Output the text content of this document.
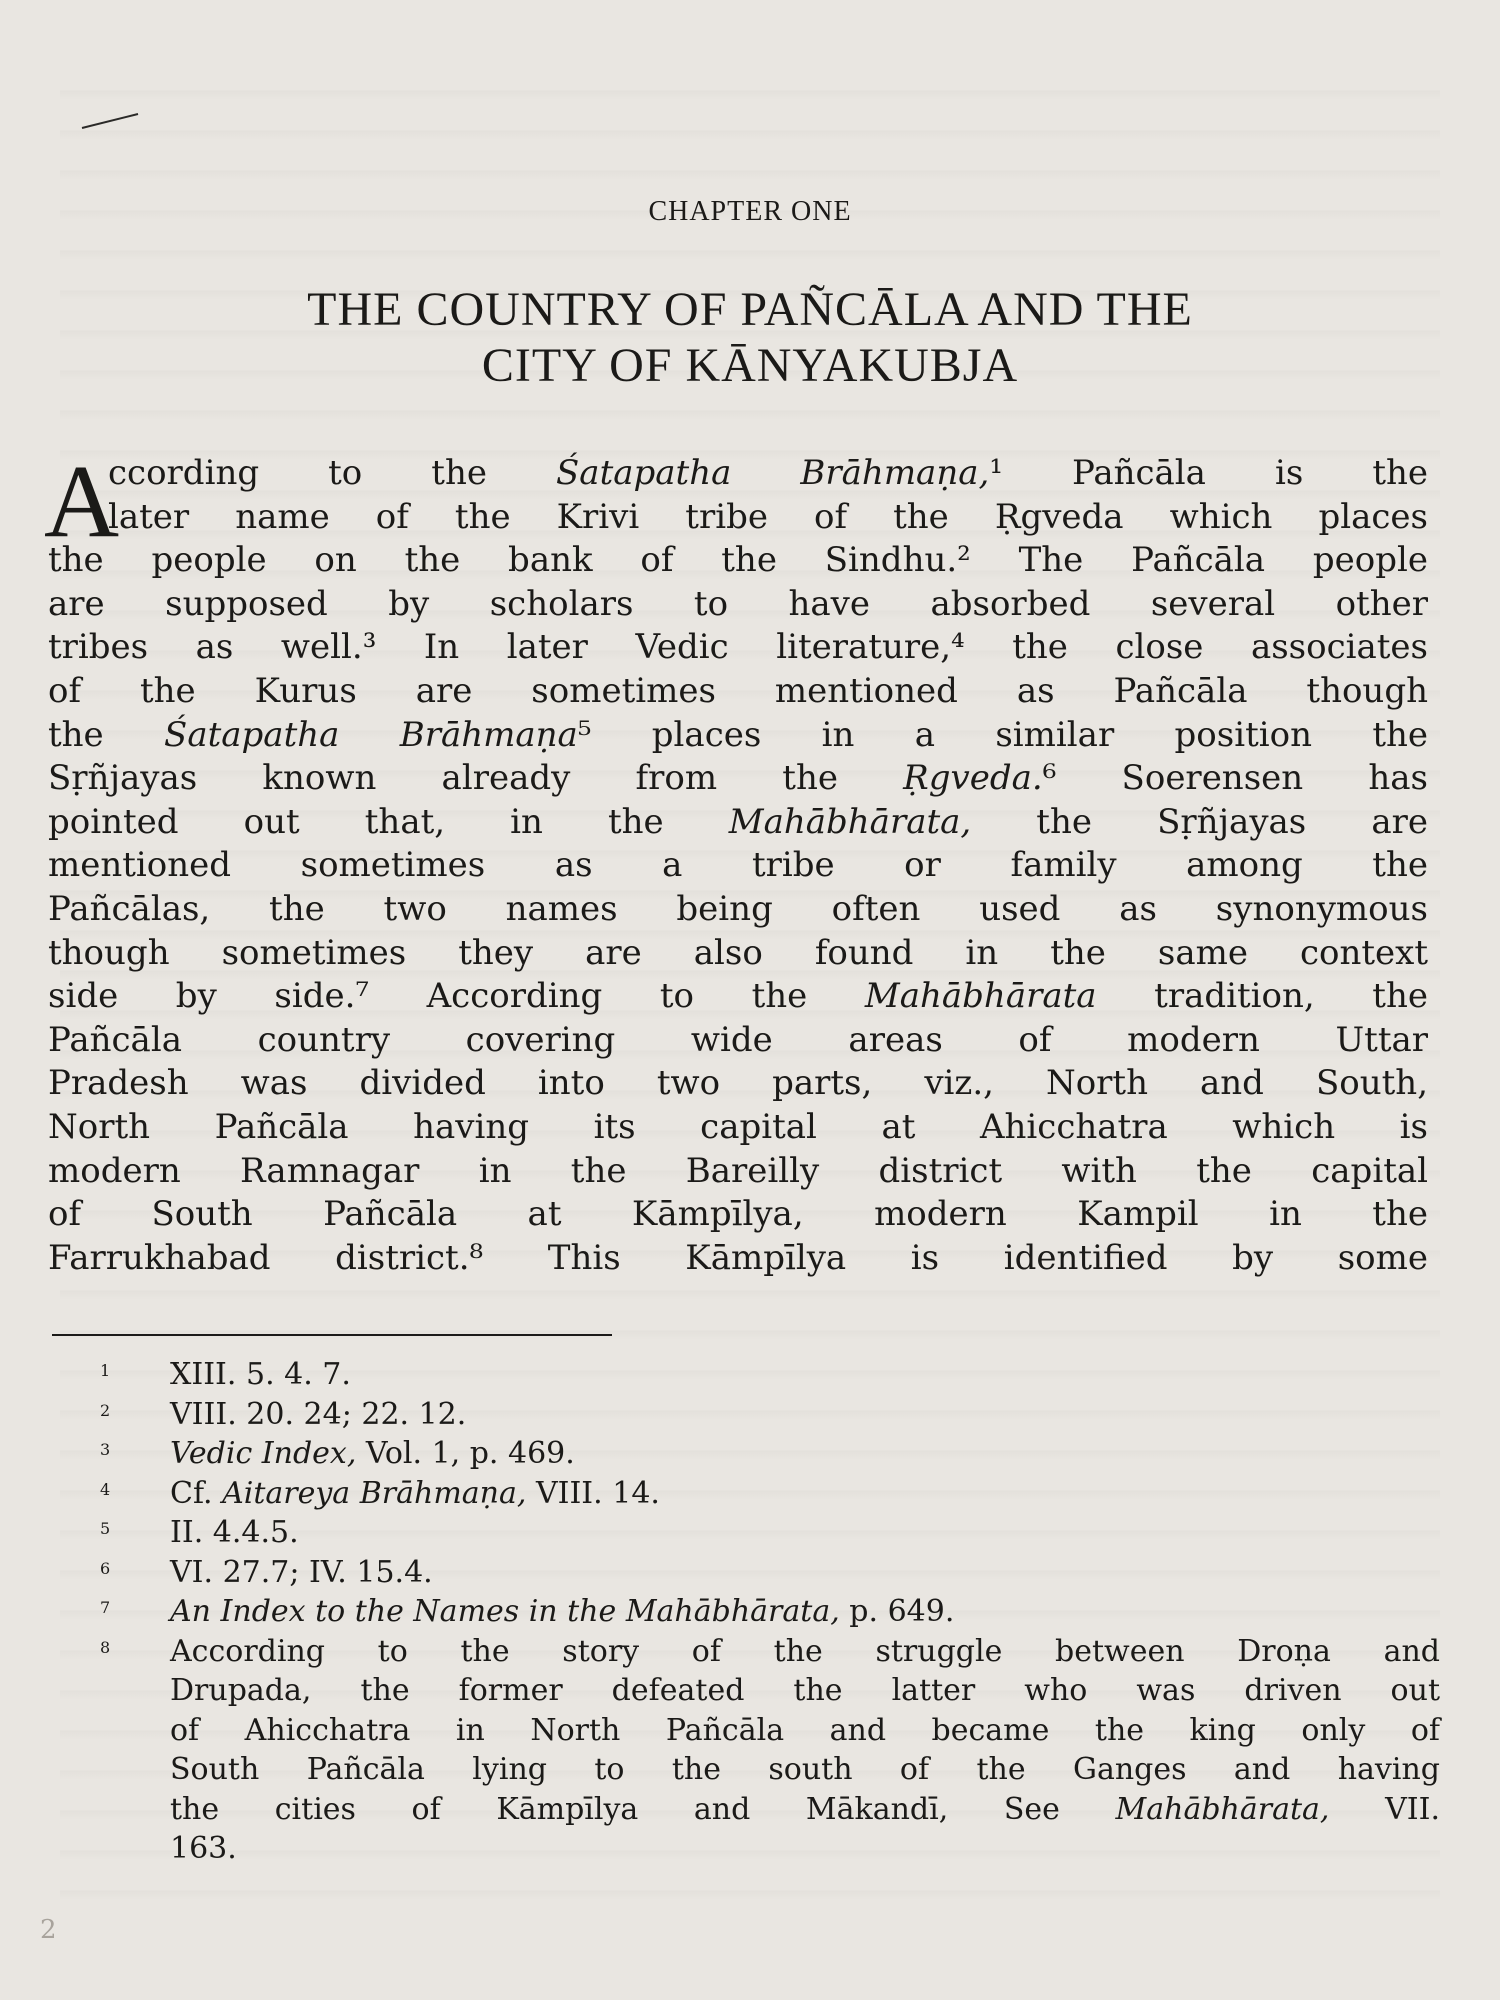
CHAPTER ONE
THE COUNTRY OF PAÑCĀLA AND THE
CITY OF KĀNYAKUBJA
A
ccording to the Śatapatha Brāhmaṇa,¹ Pañcāla is the
later name of the Krivi tribe of the Ṛgveda which places
the people on the bank of the Sindhu.² The Pañcāla people
are supposed by scholars to have absorbed several other
tribes as well.³ In later Vedic literature,⁴ the close associates
of the Kurus are sometimes mentioned as Pañcāla though
the Śatapatha Brāhmaṇa⁵ places in a similar position the
Sṛñjayas known already from the Ṛgveda.⁶ Soerensen has
pointed out that, in the Mahābhārata, the Sṛñjayas are
mentioned sometimes as a tribe or family among the
Pañcālas, the two names being often used as synonymous
though sometimes they are also found in the same context
side by side.⁷ According to the Mahābhārata tradition, the
Pañcāla country covering wide areas of modern Uttar
Pradesh was divided into two parts, viz., North and South,
North Pañcāla having its capital at Ahicchatra which is
modern Ramnagar in the Bareilly district with the capital
of South Pañcāla at Kāmpīlya, modern Kampil in the
Farrukhabad district.⁸ This Kāmpīlya is identified by some
1	XIII. 5. 4. 7.
2	VIII. 20. 24; 22. 12.
3	Vedic Index, Vol. 1, p. 469.
4	Cf. Aitareya Brāhmaṇa, VIII. 14.
5	II. 4.4.5.
6	VI. 27.7; IV. 15.4.
7	An Index to the Names in the Mahābhārata, p. 649.
8	According to the story of the struggle between Droṇa and
Drupada, the former defeated the latter who was driven out
of Ahicchatra in North Pañcāla and became the king only of
South Pañcāla lying to the south of the Ganges and having
the cities of Kāmpīlya and Mākandī, See Mahābhārata, VII.
163.
2
